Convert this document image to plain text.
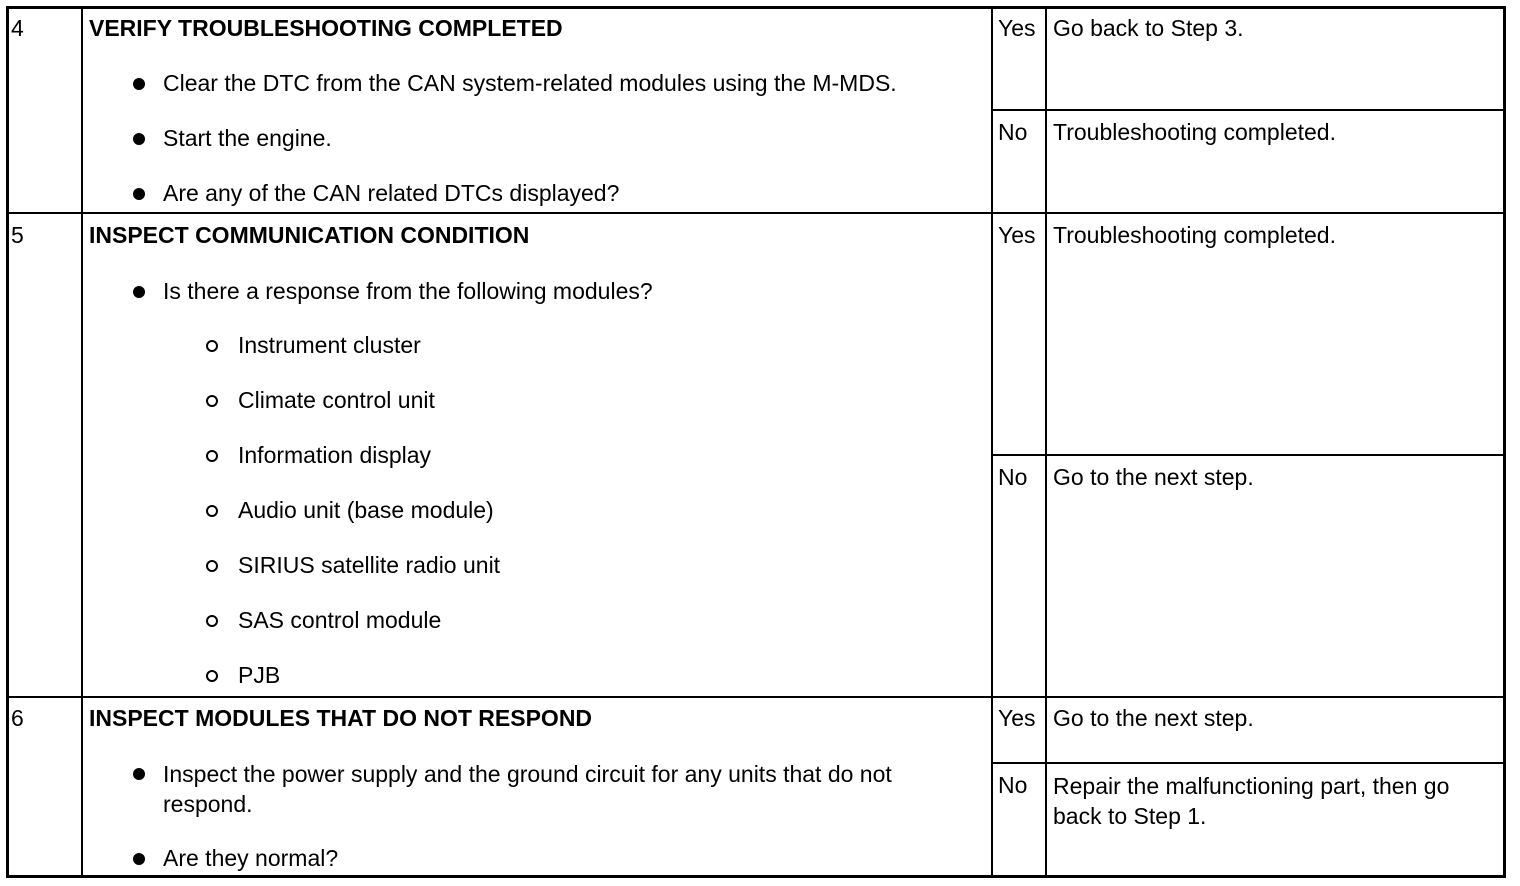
4	VERIFY TROUBLESHOOTING COMPLETED
Clear the DTC from the CAN system-related modules using the M-MDS.
Start the engine.
Are any of the CAN related DTCs displayed?
Yes Go back to Step 3.
No Troubleshooting completed.
5	INSPECT COMMUNICATION CONDITION
Is there a response from the following modules?
Instrument cluster
Climate control unit
Information display
Audio unit (base module)
SIRIUS satellite radio unit
SAS control module
PJB
Yes Troubleshooting completed.
No Go to the next step.
6	INSPECT MODULES THAT DO NOT RESPOND
Inspect the power supply and the ground circuit for any units that do not respond.
Are they normal?
Yes Go to the next step.
No Repair the malfunctioning part, then go back to Step 1.
